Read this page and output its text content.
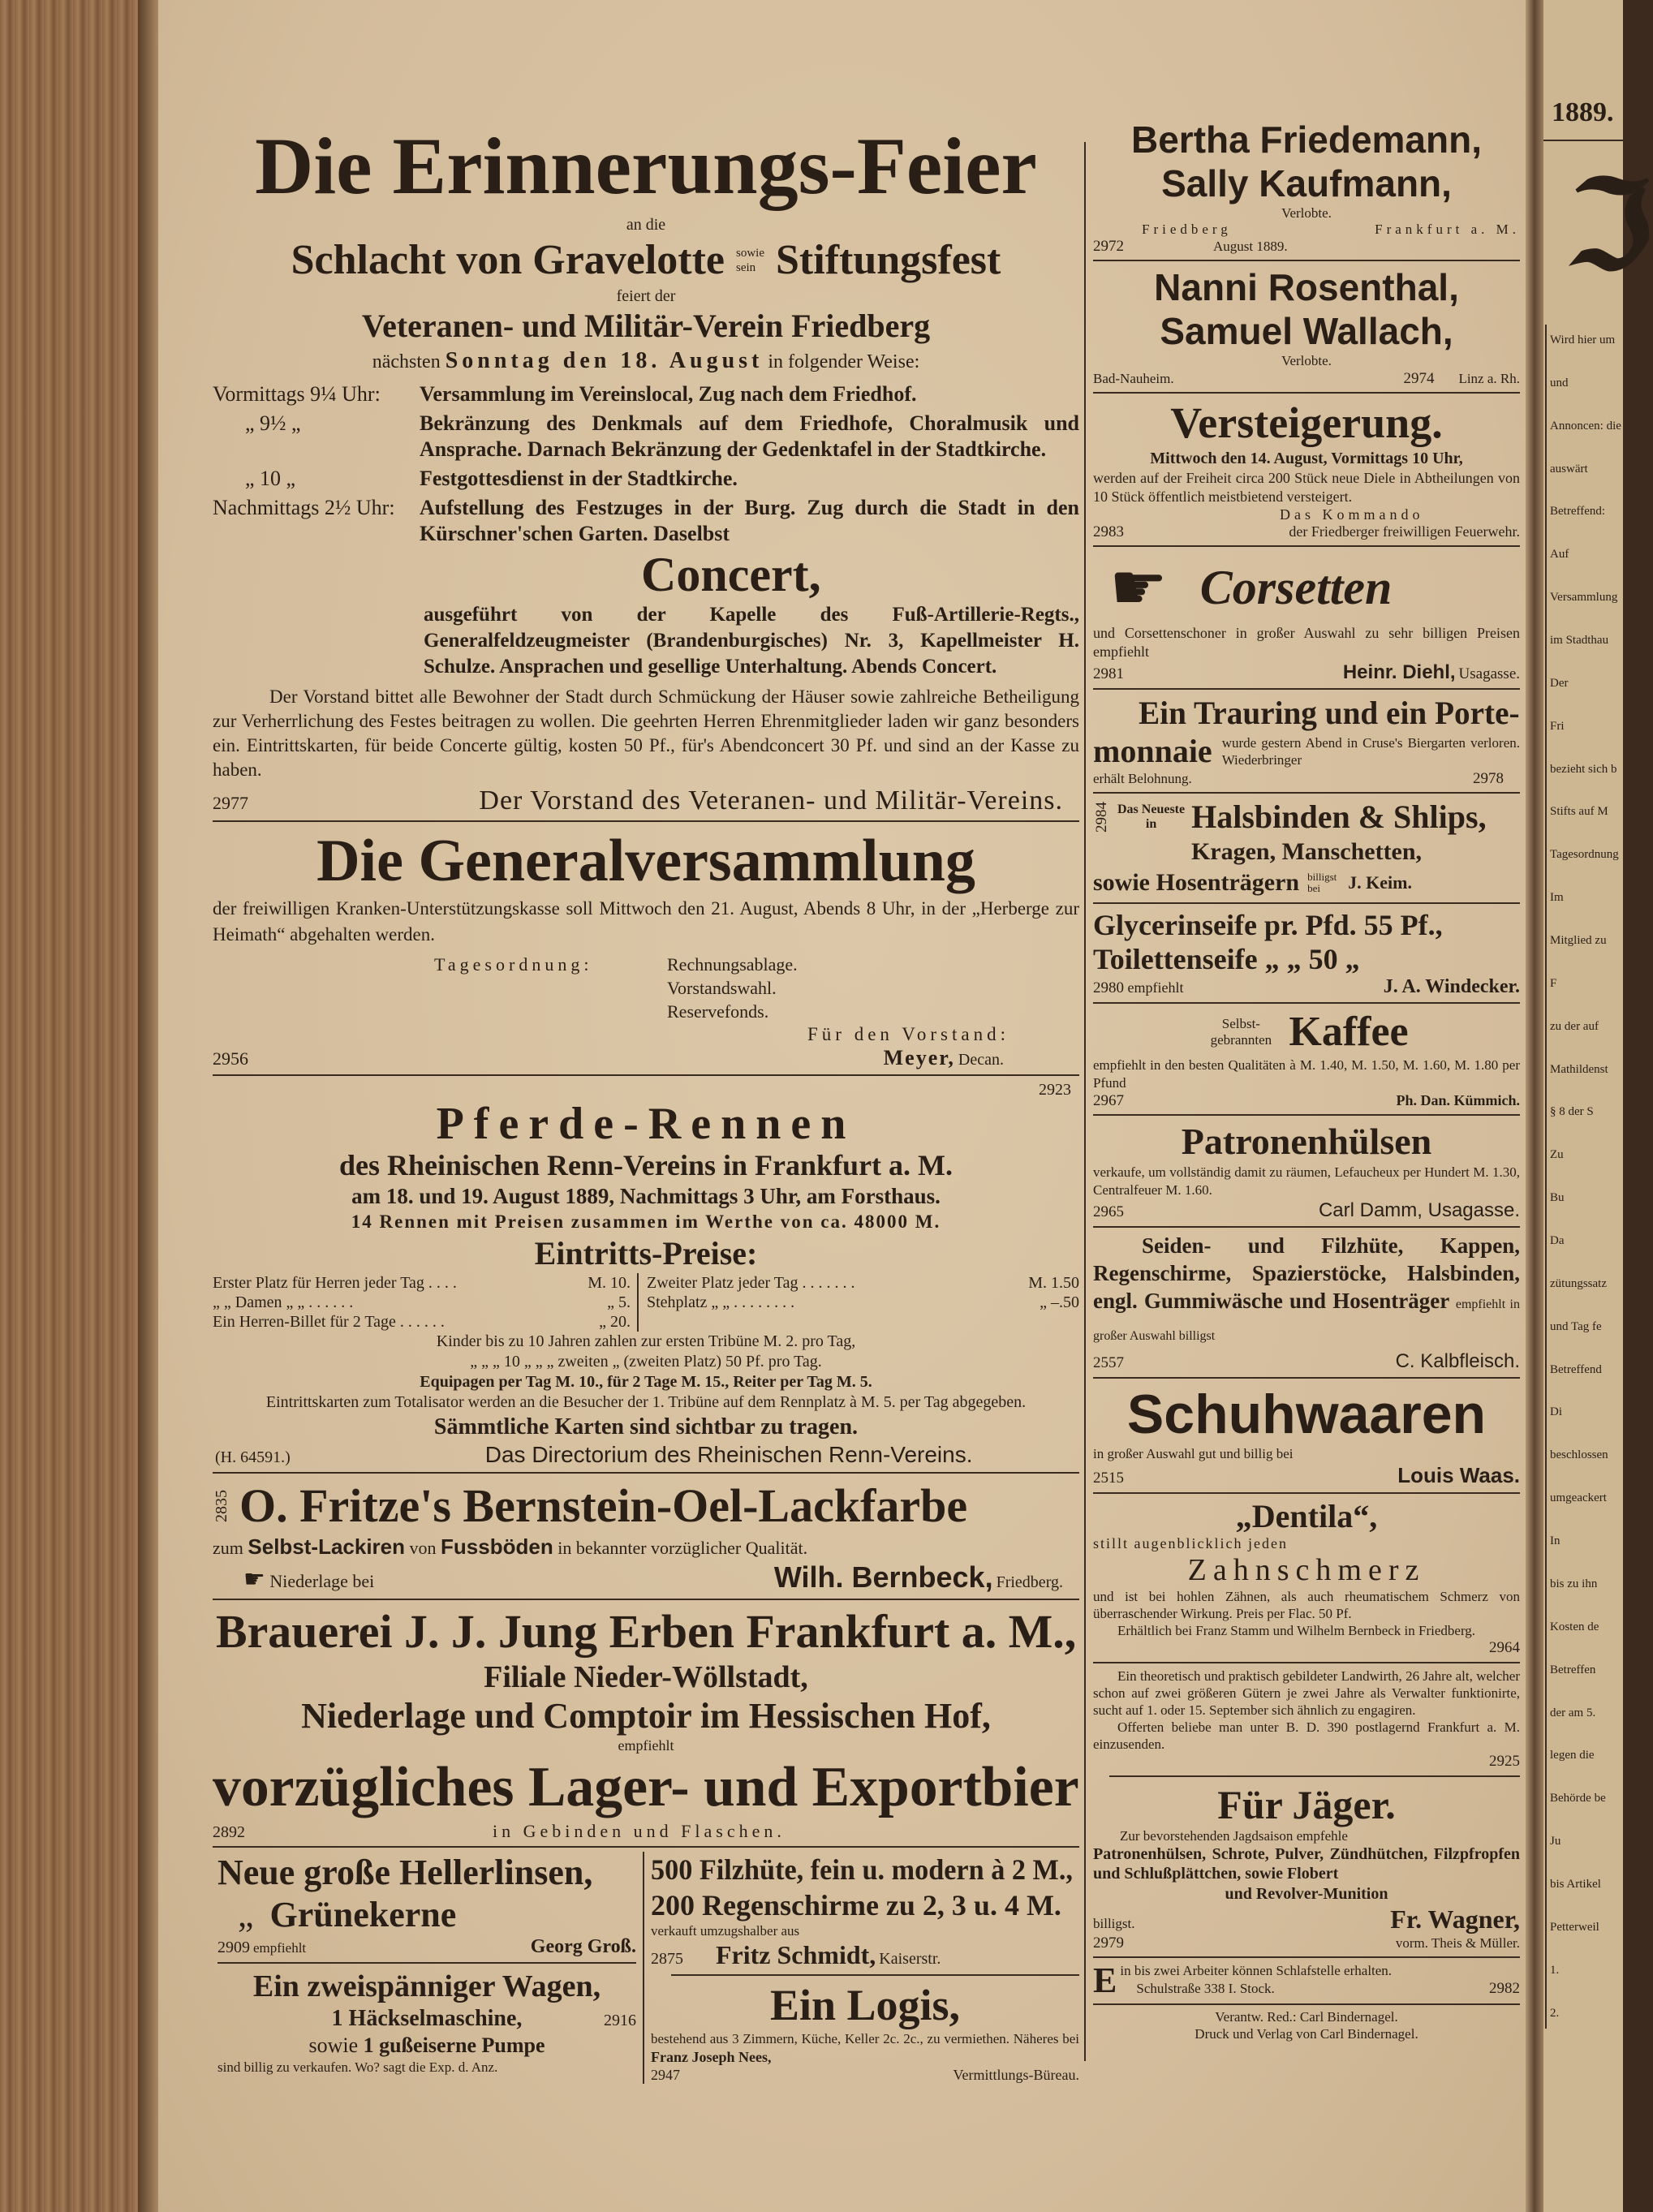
Die Erinnerungs-Feier
an die
Schlacht von Gravelotte sowie
sein Stiftungsfest
feiert der
Veteranen- und Militär-Verein Friedberg
nächsten Sonntag den 18. August in folgender Weise:
Vormittags 9¼ Uhr:	Versammlung im Vereinslocal, Zug nach dem Friedhof.
„ 9½ „	Bekränzung des Denkmals auf dem Friedhofe, Choralmusik und Ansprache. Darnach Bekränzung der Gedenktafel in der Stadtkirche.
„ 10 „	Festgottesdienst in der Stadtkirche.
Nachmittags 2½ Uhr:	Aufstellung des Festzuges in der Burg. Zug durch die Stadt in den Kürschner'schen Garten. Daselbst
Concert,
ausgeführt von der Kapelle des Fuß-Artillerie-Regts., Generalfeldzeugmeister (Brandenburgisches) Nr. 3, Kapellmeister H. Schulze. Ansprachen und gesellige Unterhaltung. Abends Concert.
Der Vorstand bittet alle Bewohner der Stadt durch Schmückung der Häuser sowie zahlreiche Betheiligung zur Verherrlichung des Festes beitragen zu wollen. Die geehrten Herren Ehrenmitglieder laden wir ganz besonders ein. Eintrittskarten, für beide Concerte gültig, kosten 50 Pf., für's Abendconcert 30 Pf. und sind an der Kasse zu haben.
2977	Der Vorstand des Veteranen- und Militär-Vereins.
Die Generalversammlung
der freiwilligen Kranken-Unterstützungskasse soll Mittwoch den 21. August, Abends 8 Uhr, in der „Herberge zur Heimath“ abgehalten werden.
Tagesordnung:	Rechnungsablage.
Vorstandswahl.
Reservefonds.
Für den Vorstand:
2956	Meyer, Decan.
2923
Pferde-Rennen
des Rheinischen Renn-Vereins in Frankfurt a. M.
am 18. und 19. August 1889, Nachmittags 3 Uhr, am Forsthaus.
14 Rennen mit Preisen zusammen im Werthe von ca. 48000 M.
Eintritts-Preise:
Erster Platz für Herren jeder Tag . . . .	M. 10.
„ „ Damen „ „ . . . . . .	„ 5.
Ein Herren-Billet für 2 Tage . . . . . .	„ 20.
Zweiter Platz jeder Tag . . . . . . .	M. 1.50
Stehplatz „ „ . . . . . . . .	„ –.50
Kinder bis zu 10 Jahren zahlen zur ersten Tribüne M. 2. pro Tag,
„ „ „ 10 „ „ „ zweiten „ (zweiten Platz) 50 Pf. pro Tag.
Equipagen per Tag M. 10., für 2 Tage M. 15., Reiter per Tag M. 5.
Eintrittskarten zum Totalisator werden an die Besucher der 1. Tribüne auf dem Rennplatz à M. 5. per Tag abgegeben.
Sämmtliche Karten sind sichtbar zu tragen.
(H. 64591.)	Das Directorium des Rheinischen Renn-Vereins.
2835 O. Fritze's Bernstein-Oel-Lackfarbe
zum Selbst-Lackiren von Fussböden in bekannter vorzüglicher Qualität.
☛ Niederlage bei	Wilh. Bernbeck, Friedberg.
Brauerei J. J. Jung Erben Frankfurt a. M.,
Filiale Nieder-Wöllstadt,
Niederlage und Comptoir im Hessischen Hof,
empfiehlt
vorzügliches Lager- und Exportbier
2892	in Gebinden und Flaschen.
Neue große Hellerlinsen,
„ Grünekerne
2909 empfiehlt	Georg Groß.
Ein zweispänniger Wagen,
1 Häckselmaschine,	2916
sowie 1 gußeiserne Pumpe
sind billig zu verkaufen. Wo? sagt die Exp. d. Anz.
500 Filzhüte, fein u. modern à 2 M.,
200 Regenschirme zu 2, 3 u. 4 M.
verkauft umzugshalber aus
2875 Fritz Schmidt, Kaiserstr.
Ein Logis,
bestehend aus 3 Zimmern, Küche, Keller 2c. 2c., zu vermiethen. Näheres bei Franz Joseph Nees,
2947	Vermittlungs-Büreau.
Bertha Friedemann,
Sally Kaufmann,
Verlobte.
Friedberg	Frankfurt a. M.
2972	August 1889.
Nanni Rosenthal,
Samuel Wallach,
Verlobte.
Bad-Nauheim.	2974 Linz a. Rh.
Versteigerung.
Mittwoch den 14. August, Vormittags 10 Uhr,
werden auf der Freiheit circa 200 Stück neue Diele in Abtheilungen von 10 Stück öffentlich meistbietend versteigert.
Das Kommando
2983	der Friedberger freiwilligen Feuerwehr.
☛ Corsetten
und Corsettenschoner in großer Auswahl zu sehr billigen Preisen empfiehlt
2981	Heinr. Diehl, Usagasse.
Ein Trauring und ein Porte-
monnaie wurde gestern Abend in Cruse's Biergarten verloren. Wiederbringer
erhält Belohnung.	2978
2984 Das Neueste
in	Halsbinden & Shlips,
Kragen, Manschetten,
sowie Hosenträgern billigst bei	J. Keim.
Glycerinseife pr. Pfd. 55 Pf.,
Toilettenseife „ „ 50 „
2980 empfiehlt	J. A. Windecker.
Selbst-gebrannten Kaffee
empfiehlt in den besten Qualitäten à M. 1.40, M. 1.50, M. 1.60, M. 1.80 per Pfund
2967	Ph. Dan. Kümmich.
Patronenhülsen
verkaufe, um vollständig damit zu räumen, Lefaucheux per Hundert M. 1.30, Centralfeuer M. 1.60.
2965	Carl Damm, Usagasse.
Seiden- und Filzhüte, Kappen, Regenschirme, Spazierstöcke, Halsbinden, engl. Gummiwäsche und Hosenträger empfiehlt in großer Auswahl billigst
2557	C. Kalbfleisch.
Schuhwaaren
in großer Auswahl gut und billig bei
2515	Louis Waas.
„Dentila“,
stillt augenblicklich jeden
Zahnschmerz
und ist bei hohlen Zähnen, als auch rheumatischem Schmerz von überraschender Wirkung. Preis per Flac. 50 Pf.
Erhältlich bei Franz Stamm und Wilhelm Bernbeck in Friedberg.
2964
Ein theoretisch und praktisch gebildeter Landwirth, 26 Jahre alt, welcher schon auf zwei größeren Gütern je zwei Jahre als Verwalter funktionirte, sucht auf 1. oder 15. September sich ähnlich zu engagiren.
Offerten beliebe man unter B. D. 390 postlagernd Frankfurt a. M. einzusenden.
2925
Für Jäger.
Zur bevorstehenden Jagdsaison empfehle
Patronenhülsen, Schrote, Pulver, Zündhütchen, Filzpfropfen und Schlußplättchen, sowie Flobert
und Revolver-Munition
billigst.	Fr. Wagner,
2979	vorm. Theis & Müller.
E in bis zwei Arbeiter können Schlafstelle erhalten.
Schulstraße 338 I. Stock.	2982
Verantw. Red.: Carl Bindernagel.
Druck und Verlag von Carl Bindernagel.
1889.
ℑ
Wird hier um
und
Annoncen: die
auswärt
Betreffend:
Auf
Versammlung
im Stadthau
Der
Fri
bezieht sich b
Stifts auf M
Tagesordnung
Im
Mitglied zu
F
zu der auf
Mathildenst
§ 8 der S
Zu
Bu
Da
zütungssatz
und Tag fe
Betreffend
Di
beschlossen
umgeackert
In
bis zu ihn
Kosten de
Betreffen
der am 5.
legen die
Behörde be
Ju
bis Artikel
Petterweil
1.
2.
